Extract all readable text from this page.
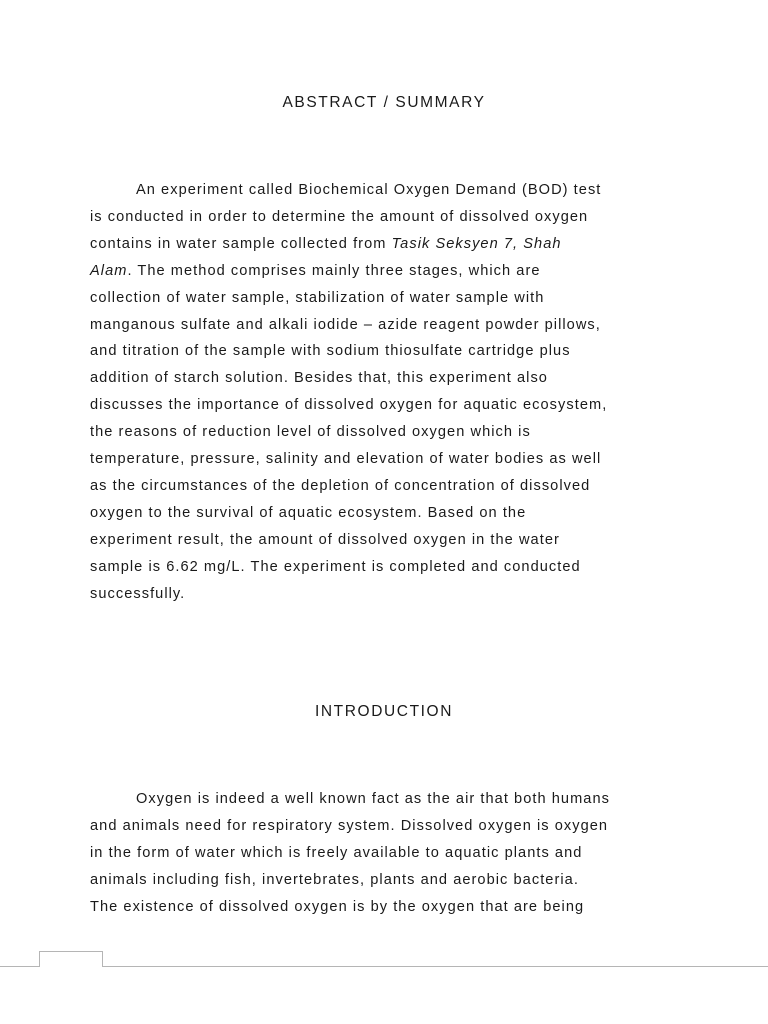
ABSTRACT / SUMMARY

An experiment called Biochemical Oxygen Demand (BOD) test
is conducted in order to determine the amount of dissolved oxygen
contains in water sample collected from Tasik Seksyen 7, Shah
Alam. The method comprises mainly three stages, which are
collection of water sample, stabilization of water sample with
manganous sulfate and alkali iodide – azide reagent powder pillows,
and titration of the sample with sodium thiosulfate cartridge plus
addition of starch solution. Besides that, this experiment also
discusses the importance of dissolved oxygen for aquatic ecosystem,
the reasons of reduction level of dissolved oxygen which is
temperature, pressure, salinity and elevation of water bodies as well
as the circumstances of the depletion of concentration of dissolved
oxygen to the survival of aquatic ecosystem. Based on the
experiment result, the amount of dissolved oxygen in the water
sample is 6.62 mg/L. The experiment is completed and conducted
successfully.

INTRODUCTION

Oxygen is indeed a well known fact as the air that both humans
and animals need for respiratory system. Dissolved oxygen is oxygen
in the form of water which is freely available to aquatic plants and
animals including fish, invertebrates, plants and aerobic bacteria.
The existence of dissolved oxygen is by the oxygen that are being
